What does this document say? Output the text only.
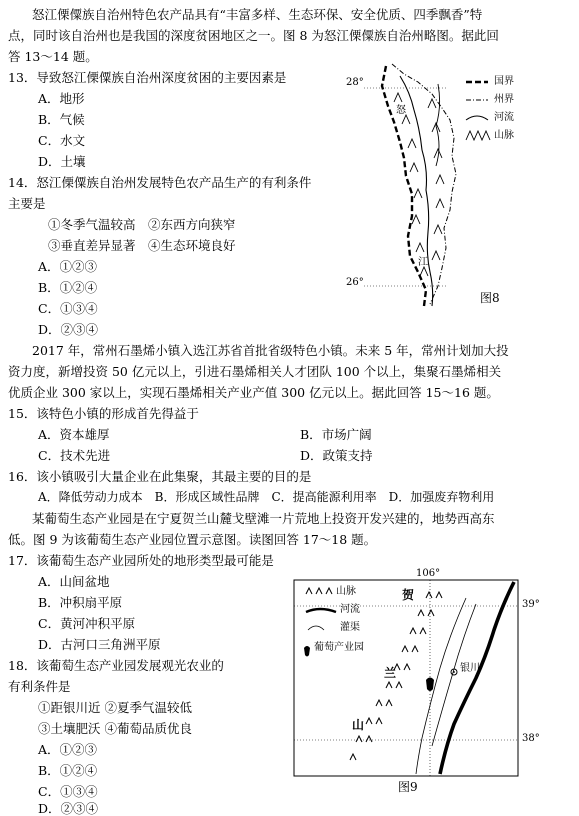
怒江傈僳族自治州特色农产品具有“丰富多样、生态环保、安全优质、四季飘香”特
点，同时该自治州也是我国的深度贫困地区之一。图 8 为怒江傈僳族自治州略图。据此回
答 13～14 题。
13．导致怒江傈僳族自治州深度贫困的主要因素是
A．地形
B．气候
C．水文
D．土壤
14．怒江傈僳族自治州发展特色农产品生产的有利条件
主要是
①冬季气温较高　②东西方向狭窄
③垂直差异显著　④生态环境良好
A．①②③
B．①②④
C．①③④
D．②③④
28°
26°
怒
江
国界
州界
河流
山脉
图8
2017 年，常州石墨烯小镇入选江苏省首批省级特色小镇。未来 5 年，常州计划加大投
资力度，新增投资 50 亿元以上，引进石墨烯相关人才团队 100 个以上，集聚石墨烯相关
优质企业 300 家以上，实现石墨烯相关产业产值 300 亿元以上。据此回答 15～16 题。
15．该特色小镇的形成首先得益于
A．资本雄厚	B．市场广阔
C．技术先进	D．政策支持
16．该小镇吸引大量企业在此集聚，其最主要的目的是
A．降低劳动力成本　B．形成区域性品牌　C．提高能源利用率　D．加强废弃物利用
某葡萄生态产业园是在宁夏贺兰山麓戈壁滩一片荒地上投资开发兴建的，地势西高东
低。图 9 为该葡萄生态产业园位置示意图。读图回答 17～18 题。
17．该葡萄生态产业园所处的地形类型最可能是
A．山间盆地
B．冲积扇平原
C．黄河冲积平原
D．古河口三角洲平原
18．该葡萄生态产业园发展观光农业的
有利条件是
①距银川近 ②夏季气温较低
③土壤肥沃 ④葡萄品质优良
A．①②③
B．①②④
C．①③④
D．②③④
山脉
河流
灌渠
葡萄产业园
106°
39°
38°
银川
贺
兰
山
图9
